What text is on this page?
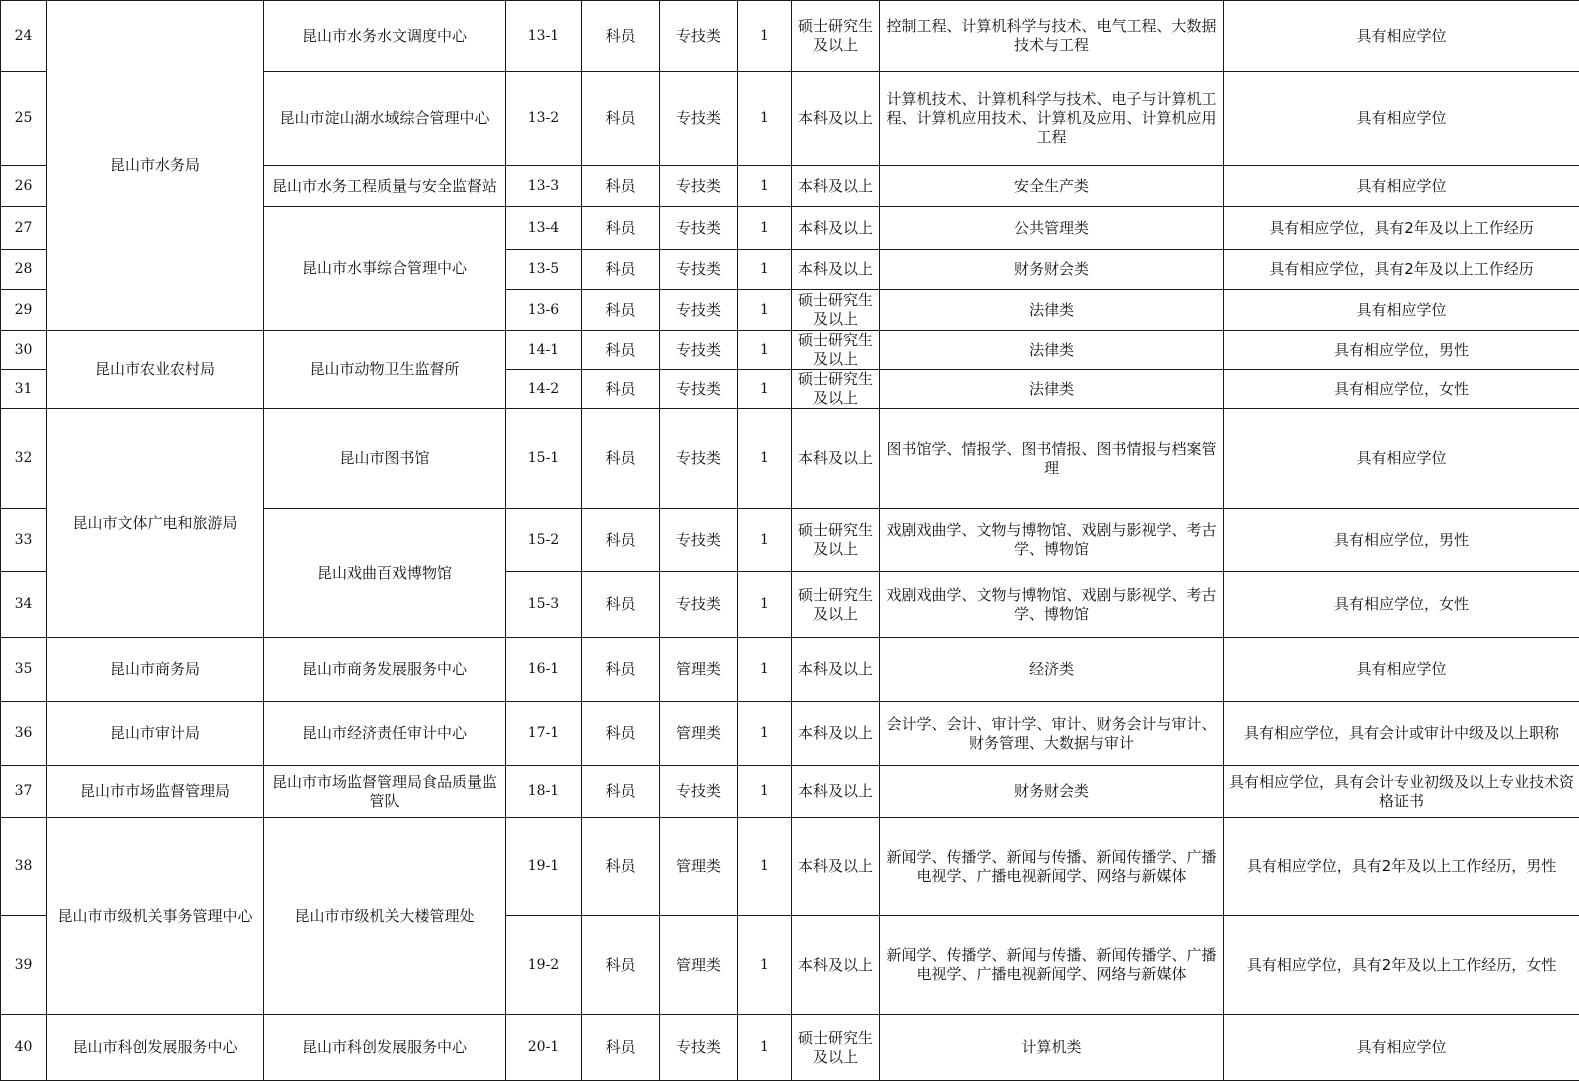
24	昆山市水务局	昆山市水务水文调度中心	13-1	科员	专技类	1	硕士研究生及以上	控制工程、计算机科学与技术、电气工程、大数据技术与工程	具有相应学位
25		昆山市淀山湖水域综合管理中心	13-2	科员	专技类	1	本科及以上	计算机技术、计算机科学与技术、电子与计算机工程、计算机应用技术、计算机及应用、计算机应用工程	具有相应学位
26		昆山市水务工程质量与安全监督站	13-3	科员	专技类	1	本科及以上	安全生产类	具有相应学位
27		昆山市水事综合管理中心	13-4	科员	专技类	1	本科及以上	公共管理类	具有相应学位，具有2年及以上工作经历
28			13-5	科员	专技类	1	本科及以上	财务财会类	具有相应学位，具有2年及以上工作经历
29			13-6	科员	专技类	1	硕士研究生及以上	法律类	具有相应学位
30	昆山市农业农村局	昆山市动物卫生监督所	14-1	科员	专技类	1	硕士研究生及以上	法律类	具有相应学位，男性
31			14-2	科员	专技类	1	硕士研究生及以上	法律类	具有相应学位，女性
32	昆山市文体广电和旅游局	昆山市图书馆	15-1	科员	专技类	1	本科及以上	图书馆学、情报学、图书情报、图书情报与档案管理	具有相应学位
33		昆山戏曲百戏博物馆	15-2	科员	专技类	1	硕士研究生及以上	戏剧戏曲学、文物与博物馆、戏剧与影视学、考古学、博物馆	具有相应学位，男性
34			15-3	科员	专技类	1	硕士研究生及以上	戏剧戏曲学、文物与博物馆、戏剧与影视学、考古学、博物馆	具有相应学位，女性
35	昆山市商务局	昆山市商务发展服务中心	16-1	科员	管理类	1	本科及以上	经济类	具有相应学位
36	昆山市审计局	昆山市经济责任审计中心	17-1	科员	管理类	1	本科及以上	会计学、会计、审计学、审计、财务会计与审计、财务管理、大数据与审计	具有相应学位，具有会计或审计中级及以上职称
37	昆山市市场监督管理局	昆山市市场监督管理局食品质量监管队	18-1	科员	专技类	1	本科及以上	财务财会类	具有相应学位，具有会计专业初级及以上专业技术资格证书
38	昆山市市级机关事务管理中心	昆山市市级机关大楼管理处	19-1	科员	管理类	1	本科及以上	新闻学、传播学、新闻与传播、新闻传播学、广播电视学、广播电视新闻学、网络与新媒体	具有相应学位，具有2年及以上工作经历，男性
39			19-2	科员	管理类	1	本科及以上	新闻学、传播学、新闻与传播、新闻传播学、广播电视学、广播电视新闻学、网络与新媒体	具有相应学位，具有2年及以上工作经历，女性
40	昆山市科创发展服务中心	昆山市科创发展服务中心	20-1	科员	专技类	1	硕士研究生及以上	计算机类	具有相应学位
